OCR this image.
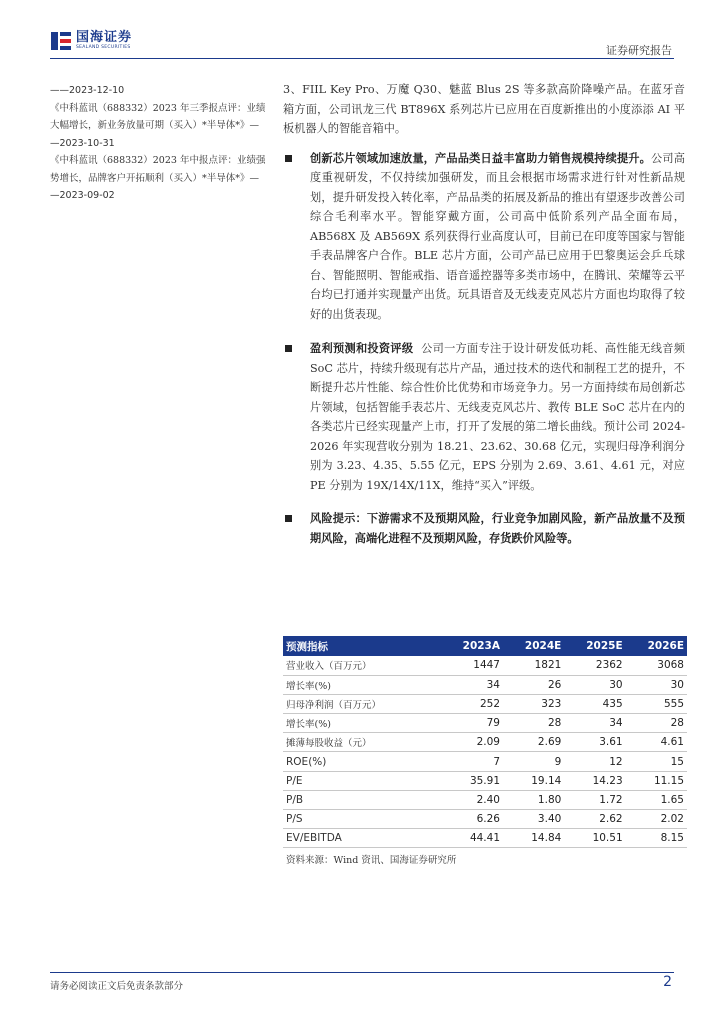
国海证券
SEALAND SECURITIES	证券研究报告
——2023-12-10
《中科蓝讯（688332）2023 年三季报点评：业绩
大幅增长，新业务放量可期（买入）*半导体*》—
—2023-10-31
《中科蓝讯（688332）2023 年中报点评：业绩强
势增长，品牌客户开拓顺利（买入）*半导体*》—
—2023-09-02

3、FIIL Key Pro、万魔 Q30、魅蓝 Blus 2S 等多款高阶降噪产品。在蓝牙音箱方面，公司讯龙三代 BT896X 系列芯片已应用在百度新推出的小度添添 AI 平板机器人的智能音箱中。

创新芯片领域加速放量，产品品类日益丰富助力销售规模持续提升。公司高度重视研发，不仅持续加强研发，而且会根据市场需求进行针对性新品规划，提升研发投入转化率，产品品类的拓展及新品的推出有望逐步改善公司综合毛利率水平。智能穿戴方面，公司高中低阶系列产品全面布局，AB568X 及 AB569X 系列获得行业高度认可，目前已在印度等国家与智能手表品牌客户合作。BLE 芯片方面，公司产品已应用于巴黎奥运会乒乓球台、智能照明、智能戒指、语音遥控器等多类市场中，在腾讯、荣耀等云平台均已打通并实现量产出货。玩具语音及无线麦克风芯片方面也均取得了较好的出货表现。

盈利预测和投资评级 公司一方面专注于设计研发低功耗、高性能无线音频 SoC 芯片，持续升级现有芯片产品，通过技术的迭代和制程工艺的提升，不断提升芯片性能、综合性价比优势和市场竞争力。另一方面持续布局创新芯片领域，包括智能手表芯片、无线麦克风芯片、教传 BLE SoC 芯片在内的各类芯片已经实现量产上市，打开了发展的第二增长曲线。预计公司 2024-2026 年实现营收分别为 18.21、23.62、30.68 亿元，实现归母净利润分别为 3.23、4.35、5.55 亿元，EPS 分别为 2.69、3.61、4.61 元，对应 PE 分别为 19X/14X/11X，维持“买入”评级。

风险提示：下游需求不及预期风险，行业竞争加剧风险，新产品放量不及预期风险，高端化进程不及预期风险，存货跌价风险等。

预测指标	2023A	2024E	2025E	2026E
营业收入（百万元）	1447	1821	2362	3068
增长率(%)	34	26	30	30
归母净利润（百万元）	252	323	435	555
增长率(%)	79	28	34	28
摊薄每股收益（元）	2.09	2.69	3.61	4.61
ROE(%)	7	9	12	15
P/E	35.91	19.14	14.23	11.15
P/B	2.40	1.80	1.72	1.65
P/S	6.26	3.40	2.62	2.02
EV/EBITDA	44.41	14.84	10.51	8.15
资料来源：Wind 资讯、国海证券研究所
请务必阅读正文后免责条款部分	2
